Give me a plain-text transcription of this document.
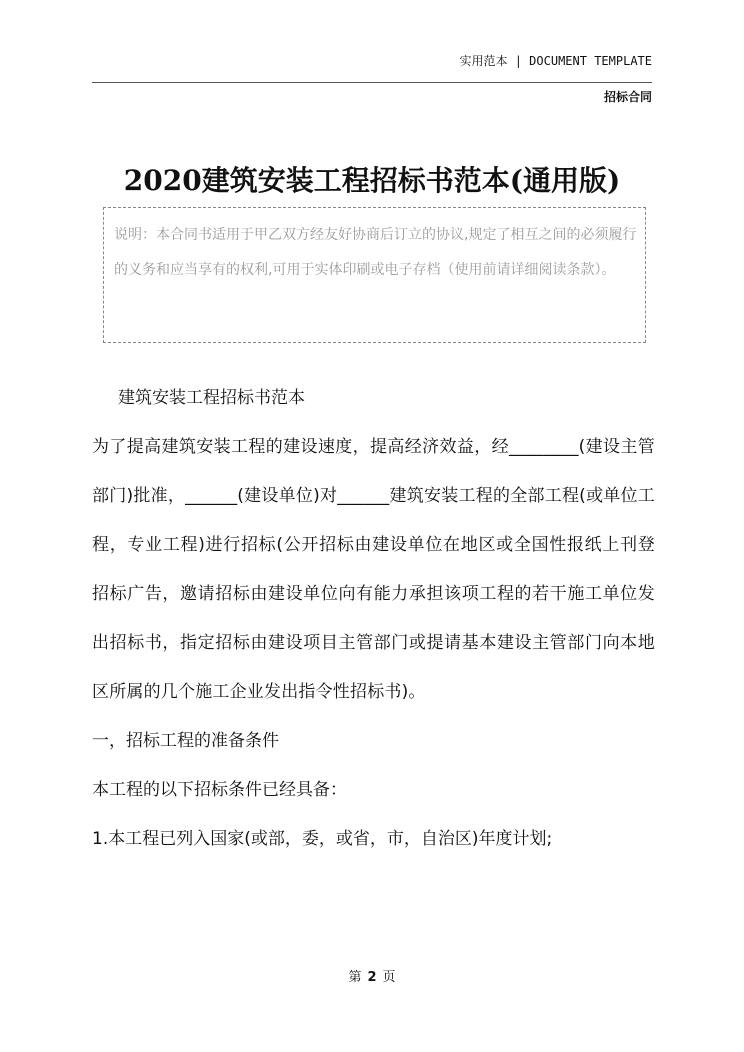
实用范本 | DOCUMENT TEMPLATE
招标合同
2020建筑安装工程招标书范本(通用版)

说明：本合同书适用于甲乙双方经友好协商后订立的协议,规定了相互之间的必须履行的义务和应当享有的权利,可用于实体印刷或电子存档（使用前请详细阅读条款）。

建筑安装工程招标书范本

为了提高建筑安装工程的建设速度，提高经济效益，经________(建设主管部门)批准，______(建设单位)对______建筑安装工程的全部工程(或单位工程，专业工程)进行招标(公开招标由建设单位在地区或全国性报纸上刊登招标广告，邀请招标由建设单位向有能力承担该项工程的若干施工单位发出招标书，指定招标由建设项目主管部门或提请基本建设主管部门向本地区所属的几个施工企业发出指令性招标书)。

一，招标工程的准备条件

本工程的以下招标条件已经具备：

1.本工程已列入国家(或部，委，或省，市，自治区)年度计划;

第 2 页
